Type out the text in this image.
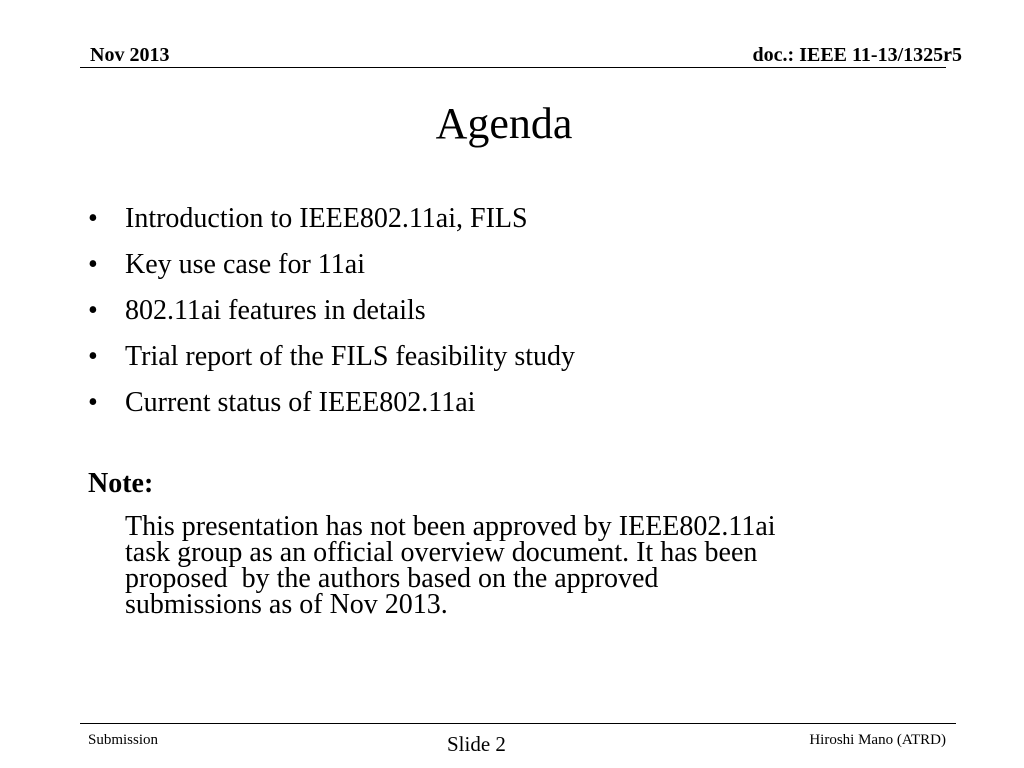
Nov 2013	doc.: IEEE 11-13/1325r5
Agenda
• Introduction to IEEE802.11ai, FILS
• Key use case for 11ai
• 802.11ai features in details
• Trial report of the FILS feasibility study
• Current status of IEEE802.11ai
Note:
This presentation has not been approved by IEEE802.11ai
task group as an official overview document. It has been
proposed  by the authors based on the approved
submissions as of Nov 2013.
Submission	Slide 2	Hiroshi Mano (ATRD)
